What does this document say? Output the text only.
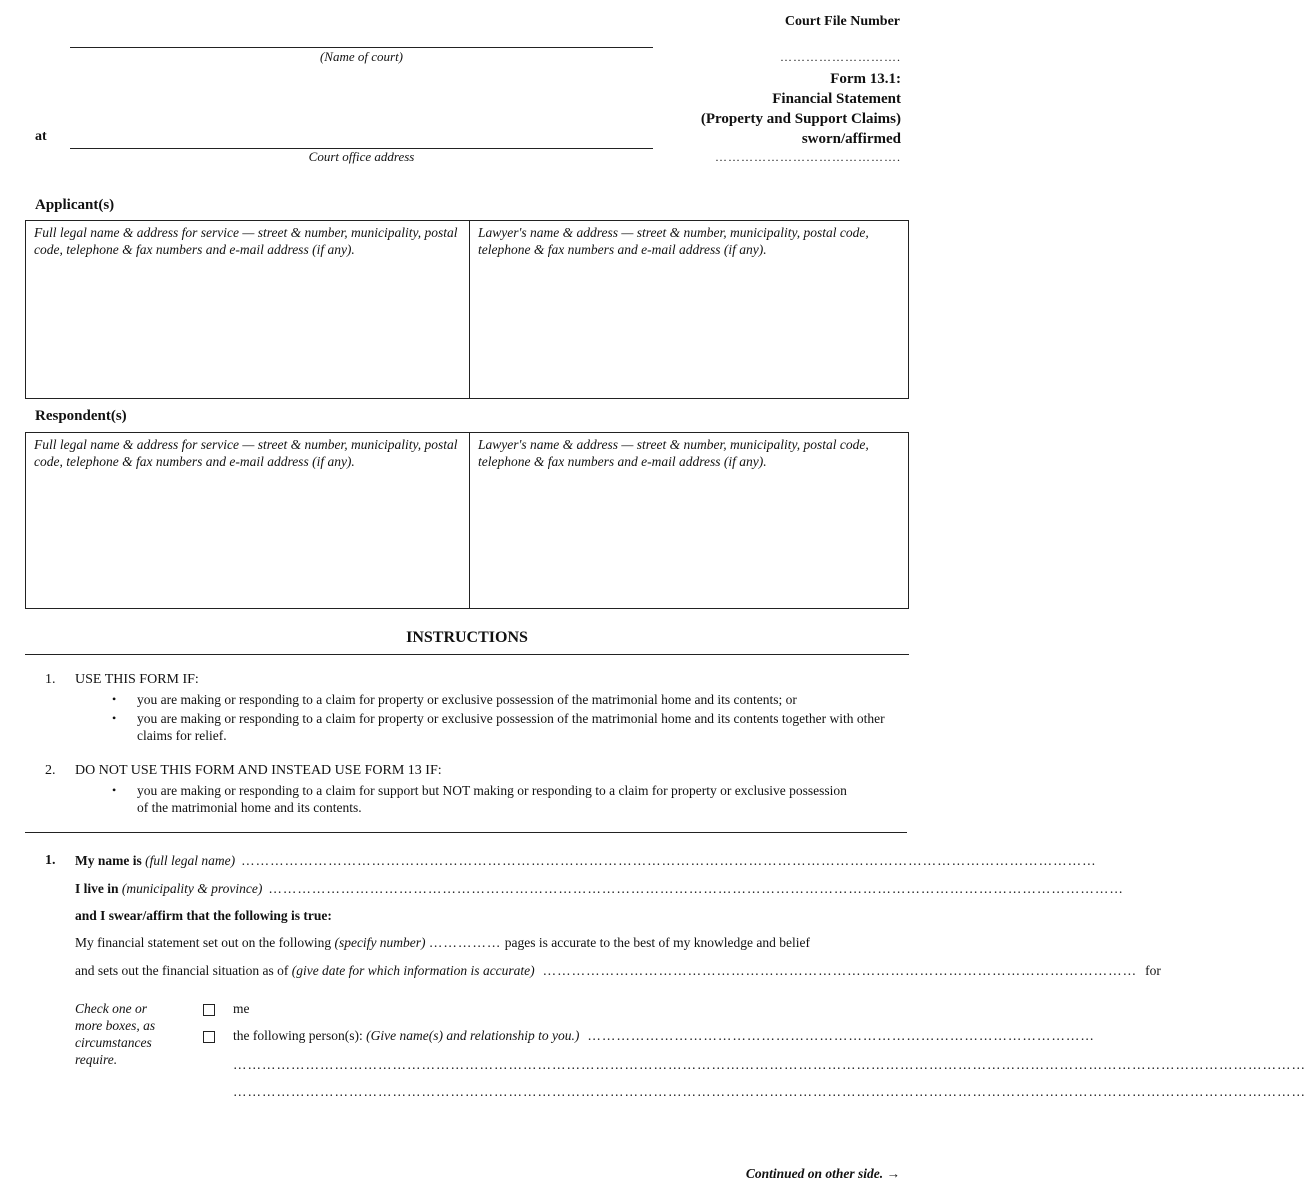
Court File Number
(Name of court)	……………………….
Form 13.1:
Financial Statement
(Property and Support Claims)
sworn/affirmed
…………………………………….
at
Court office address
Applicant(s)
Full legal name & address for service — street & number, municipality, postal code, telephone & fax numbers and e-mail address (if any).
Lawyer's name & address — street & number, municipality, postal code, telephone & fax numbers and e-mail address (if any).
Respondent(s)
Full legal name & address for service — street & number, municipality, postal code, telephone & fax numbers and e-mail address (if any).
Lawyer's name & address — street & number, municipality, postal code, telephone & fax numbers and e-mail address (if any).
INSTRUCTIONS
1. USE THIS FORM IF:
• you are making or responding to a claim for property or exclusive possession of the matrimonial home and its contents; or
• you are making or responding to a claim for property or exclusive possession of the matrimonial home and its contents together with other claims for relief.
2. DO NOT USE THIS FORM AND INSTEAD USE FORM 13 IF:
• you are making or responding to a claim for support but NOT making or responding to a claim for property or exclusive possession of the matrimonial home and its contents.
1. My name is
(full legal name) ……………………………………………………………………………………………………………………………………………………………
I live in
(municipality & province) ……………………………………………………………………………………………………………………………………………………………
and I swear/affirm that the following is true:
My financial statement set out on the following (specify number) …………… pages is accurate to the best of my knowledge and belief
and sets out the financial situation as of
(give date for which information is accurate) …………………………………………………………………………………………………………… for
Check one or more boxes, as circumstances require.
me
the following person(s):
(Give name(s) and relationship to you.) ……………………………………………………………………………………………
……………………………………………………………………………………………………………………………………………………………………………………………………
……………………………………………………………………………………………………………………………………………………………………………………………………
Continued on other side. →
